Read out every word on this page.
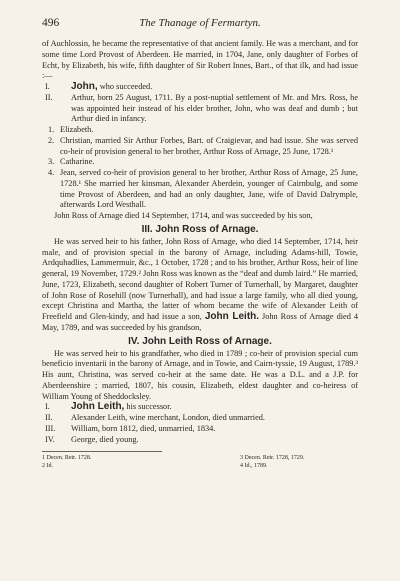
496	The Thanage of Fermartyn.

of Auchlossin, he became the representative of that ancient family. He was a merchant, and for some time Lord Provost of Aberdeen. He married, in 1704, Jane, only daughter of Forbes of Echt, by Elizabeth, his wife, fifth daughter of Sir Robert Innes, Bart., of that ilk, and had issue :—

I.	John, who succeeded.
II.	Arthur, born 25 August, 1711. By a post-nuptial settlement of Mr. and Mrs. Ross, he was appointed heir instead of his elder brother, John, who was deaf and dumb ; but Arthur died in infancy.
1. Elizabeth.
2. Christian, married Sir Arthur Forbes, Bart. of Craigievar, and had issue. She was served co-heir of provision general to her brother, Arthur Ross of Arnage, 25 June, 1728.¹
3. Catharine.
4. Jean, served co-heir of provision general to her brother, Arthur Ross of Arnage, 25 June, 1728.¹ She married her kinsman, Alexander Aberdein, younger of Cairnbulg, and some time Provost of Aberdeen, and had an only daughter, Jane, wife of David Dalrymple, afterwards Lord Westhall.

John Ross of Arnage died 14 September, 1714, and was succeeded by his son,

III. John Ross of Arnage.

He was served heir to his father, John Ross of Arnage, who died 14 September, 1714, heir male, and of provision special in the barony of Arnage, including Adams-hill, Towie, Ardquhadlies, Lammermuir, &c., 1 October, 1728 ; and to his brother, Arthur Ross, heir of line general, 19 November, 1729.² John Ross was known as the “deaf and dumb laird.” He married, June, 1723, Elizabeth, second daughter of Robert Turner of Turnerhall, by Margaret, daughter of John Rose of Rosehill (now Turnerhall), and had issue a large family, who all died young, except Christina and Martha, the latter of whom became the wife of Alexander Leith of Freefield and Glen-kindy, and had issue a son, John Leith. John Ross of Arnage died 4 May, 1789, and was succeeded by his grandson,

IV. John Leith Ross of Arnage.

He was served heir to his grandfather, who died in 1789 ; co-heir of provision special cum beneficio inventarii in the barony of Arnage, and in Towie, and Cairn-tyssie, 19 August, 1789.³ His aunt, Christina, was served co-heir at the same date. He was a D.L. and a J.P. for Aberdeenshire ; married, 1807, his cousin, Elizabeth, eldest daughter and co-heiress of William Young of Sheddocksley.

I.	John Leith, his successor.
II.	Alexander Leith, wine merchant, London, died unmarried.
III.	William, born 1812, died, unmarried, 1834.
IV.	George, died young.
1 Decen. Retr. 1728.
2 Id.
3 Decen. Retr. 1728, 1729.
4 Id., 1789.
